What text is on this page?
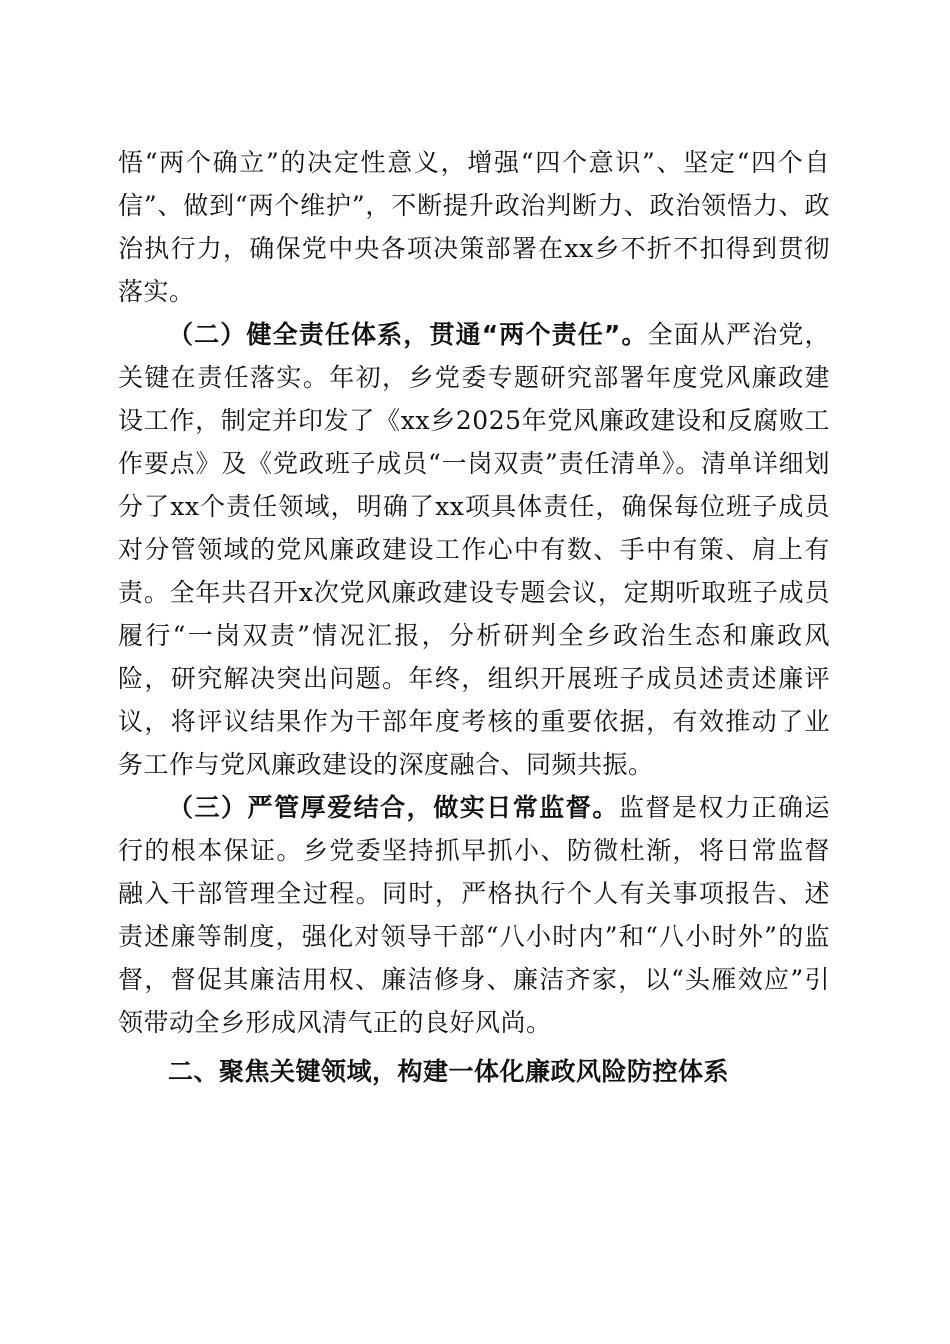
悟“两个确立”的决定性意义，增强“四个意识”、坚定“四个自信”、做到“两个维护”，不断提升政治判断力、政治领悟力、政治执行力，确保党中央各项决策部署在xx乡不折不扣得到贯彻落实。

（二）健全责任体系，贯通“两个责任”。全面从严治党，关键在责任落实。年初，乡党委专题研究部署年度党风廉政建设工作，制定并印发了《xx乡2025年党风廉政建设和反腐败工作要点》及《党政班子成员“一岗双责”责任清单》。清单详细划分了xx个责任领域，明确了xx项具体责任，确保每位班子成员对分管领域的党风廉政建设工作心中有数、手中有策、肩上有责。全年共召开x次党风廉政建设专题会议，定期听取班子成员履行“一岗双责”情况汇报，分析研判全乡政治生态和廉政风险，研究解决突出问题。年终，组织开展班子成员述责述廉评议，将评议结果作为干部年度考核的重要依据，有效推动了业务工作与党风廉政建设的深度融合、同频共振。

（三）严管厚爱结合，做实日常监督。监督是权力正确运行的根本保证。乡党委坚持抓早抓小、防微杜渐，将日常监督融入干部管理全过程。同时，严格执行个人有关事项报告、述责述廉等制度，强化对领导干部“八小时内”和“八小时外”的监督，督促其廉洁用权、廉洁修身、廉洁齐家，以“头雁效应”引领带动全乡形成风清气正的良好风尚。

二、聚焦关键领域，构建一体化廉政风险防控体系
